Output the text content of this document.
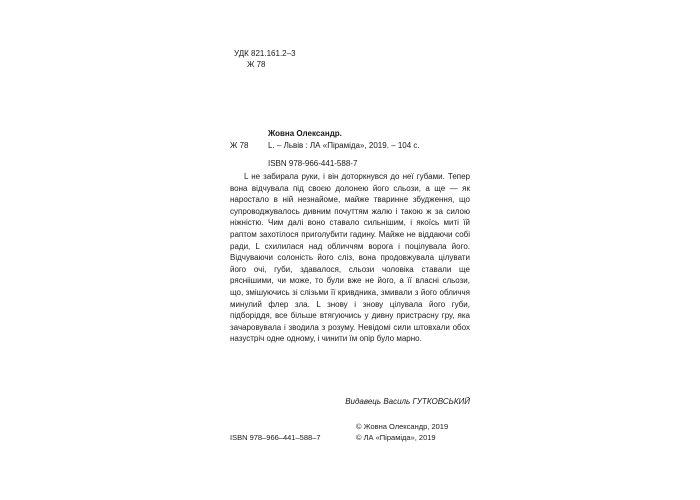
УДК 821.161.2–3
Ж 78
Жовна Олександр.
Ж 78	L. – Львів : ЛА «Піраміда», 2019. – 104 с.
ISBN 978-966-441-588-7
L не забирала руки, і він доторкнувся до неї губами. Тепер вона відчувала під своєю долонею його сльози, а ще — як наростало в ній незнайоме, майже тваринне збудження, що супроводжувалось дивним почуттям жалю і такою ж за силою ніжністю. Чим далі воно ставало сильнішим, і якоїсь миті їй раптом захотілося приголубити гадину. Майже не віддаючи собі ради, L схилилася над обличчям ворога і поцілувала його. Відчуваючи солоність його сліз, вона продовжувала цілувати його очі, губи, здавалося, сльози чоловіка ставали ще рясніішими, чи може, то були вже не його, а її власні сльози, що, змішуючись зі слізьми її кривдника, змивали з його обличчя минулий флер зла. L знову і знову цілувала його губи, підборіддя, все більше втягуючись у дивну пристрасну гру, яка зачаровувала і зводила з розуму. Невідомі сили штовхали обох назустріч одне одному, і чинити їм опір було марно.
Видавець Василь ГУТКОВСЬКИЙ
ISBN 978–966–441–588–7
© Жовна Олександр, 2019
© ЛА «Піраміда», 2019
